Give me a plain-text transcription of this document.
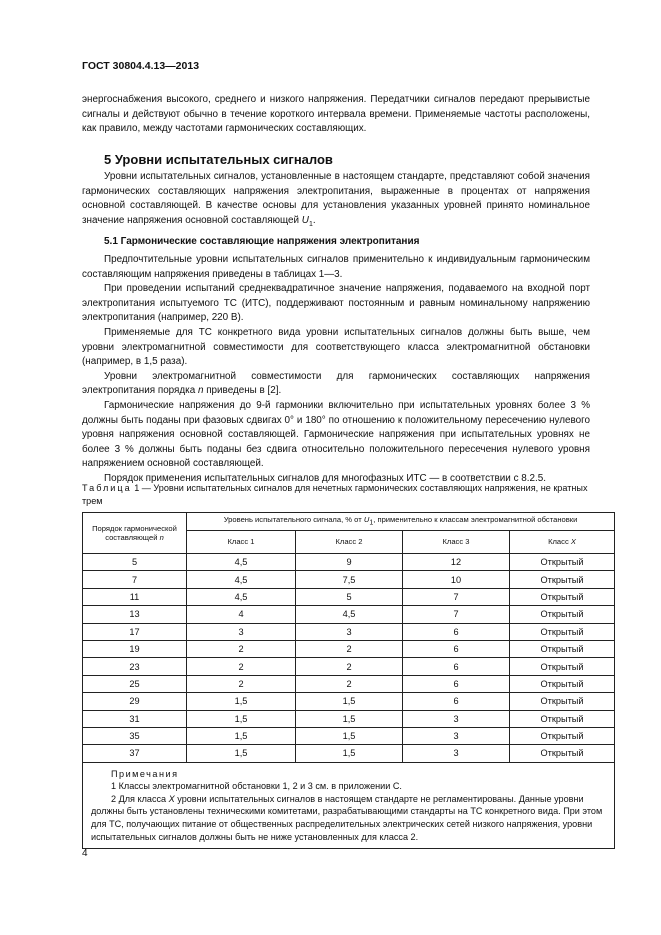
ГОСТ 30804.4.13—2013

энергоснабжения высокого, среднего и низкого напряжения. Передатчики сигналов передают прерывистые сигналы и действуют обычно в течение короткого интервала времени. Применяемые частоты расположены, как правило, между частотами гармонических составляющих.

5 Уровни испытательных сигналов

Уровни испытательных сигналов, установленные в настоящем стандарте, представляют собой значения гармонических составляющих напряжения электропитания, выраженные в процентах от напряжения основной составляющей. В качестве основы для установления указанных уровней принято номинальное значение напряжения основной составляющей $U_1$.

5.1 Гармонические составляющие напряжения электропитания

Предпочтительные уровни испытательных сигналов применительно к индивидуальным гармоническим составляющим напряжения приведены в таблицах 1—3.

При проведении испытаний среднеквадратичное значение напряжения, подаваемого на входной порт электропитания испытуемого ТС (ИТС), поддерживают постоянным и равным номинальному напряжению электропитания (например, 220 В).

Применяемые для ТС конкретного вида уровни испытательных сигналов должны быть выше, чем уровни электромагнитной совместимости для соответствующего класса электромагнитной обстановки (например, в 1,5 раза).

Уровни электромагнитной совместимости для гармонических составляющих напряжения электропитания порядка n приведены в [2].

Гармонические напряжения до 9-й гармоники включительно при испытательных уровнях более 3 % должны быть поданы при фазовых сдвигах 0° и 180° по отношению к положительному пересечению нулевого уровня напряжения основной составляющей. Гармонические напряжения при испытательных уровнях не более 3 % должны быть поданы без сдвига относительно положительного пересечения нулевого уровня напряжением основной составляющей.

Порядок применения испытательных сигналов для многофазных ИТС — в соответствии с 8.2.5.

Таблица 1 — Уровни испытательных сигналов для нечетных гармонических составляющих напряжения, не кратных трем
Порядок гармонической составляющей n	Уровень испытательного сигнала, % от $U_1$, применительно к классам электромагнитной обстановки			
	Класс 1	Класс 2	Класс 3	Класс X
5	4,5	9	12	Открытый
7	4,5	7,5	10	Открытый
11	4,5	5	7	Открытый
13	4	4,5	7	Открытый
17	3	3	6	Открытый
19	2	2	6	Открытый
23	2	2	6	Открытый
25	2	2	6	Открытый
29	1,5	1,5	6	Открытый
31	1,5	1,5	3	Открытый
35	1,5	1,5	3	Открытый
37	1,5	1,5	3	Открытый

Примечания
1 Классы электромагнитной обстановки 1, 2 и 3 см. в приложении С.
2 Для класса X уровни испытательных сигналов в настоящем стандарте не регламентированы. Данные уровни должны быть установлены техническими комитетами, разрабатывающими стандарты на ТС конкретного вида. При этом для ТС, получающих питание от общественных распределительных электрических сетей низкого напряжения, уровни испытательных сигналов должны быть не ниже установленных для класса 2.				
4
